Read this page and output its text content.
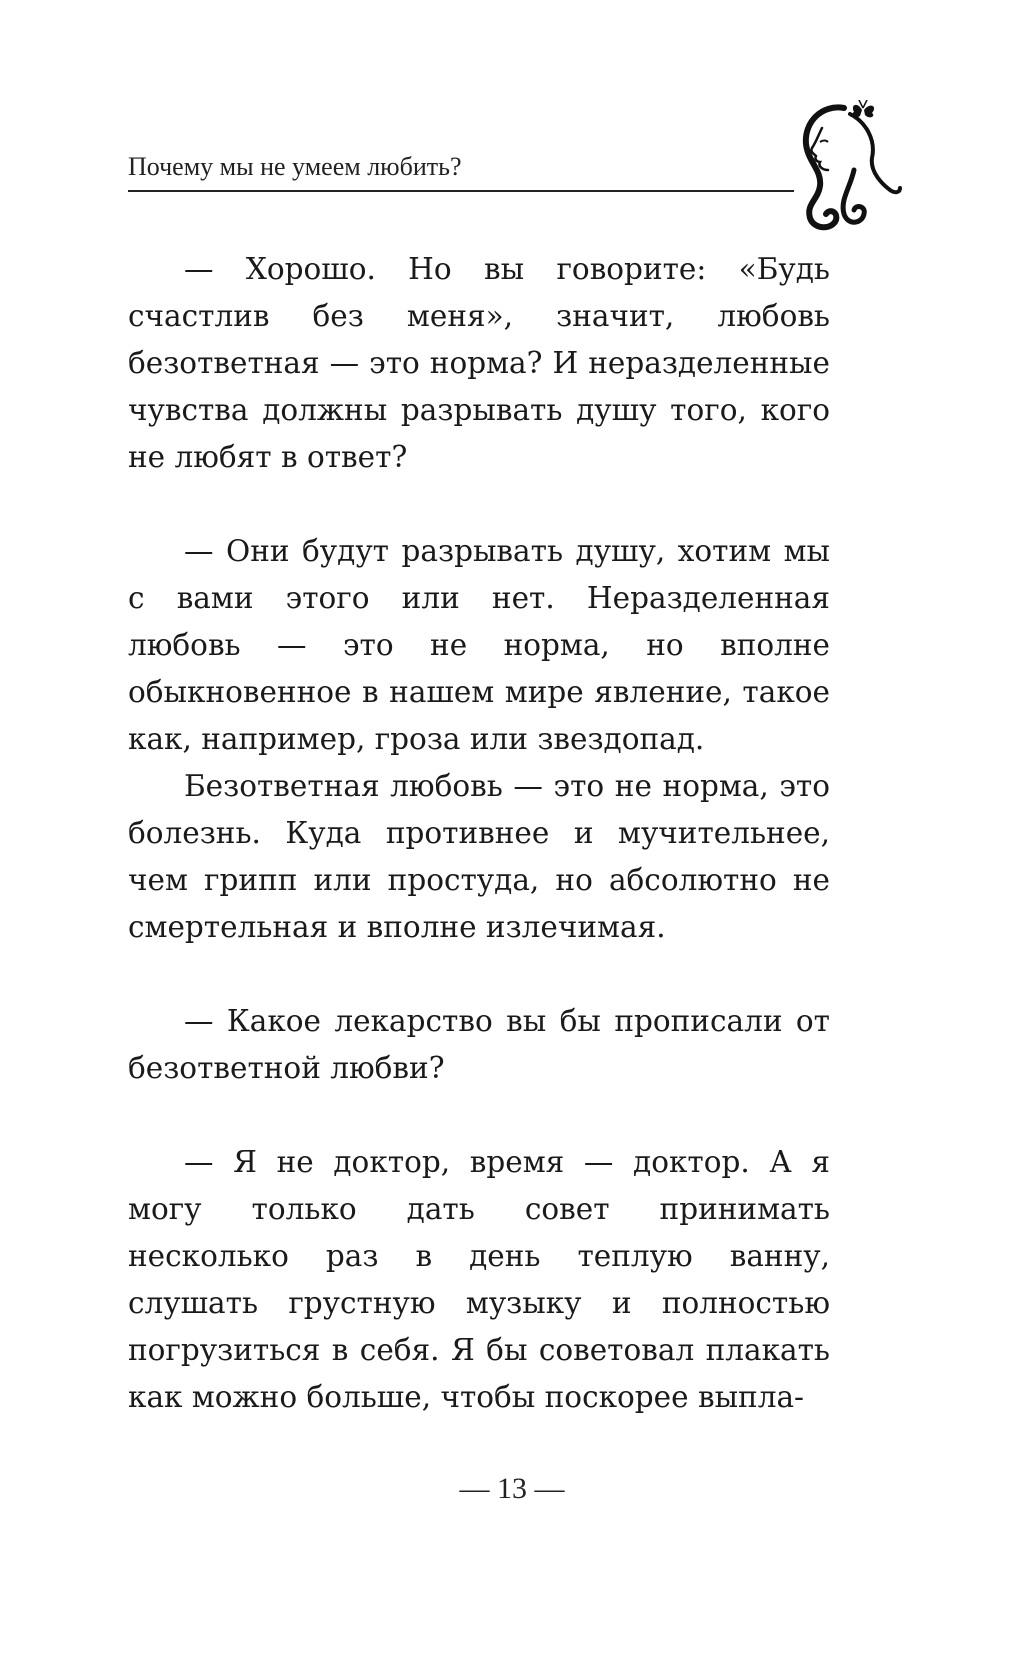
Почему мы не умеем любить?

— Хорошо. Но вы говорите: «Будь счастлив без меня», значит, любовь безответная — это норма? И неразделенные чувства должны разрывать душу того, кого не любят в ответ?

— Они будут разрывать душу, хотим мы с вами этого или нет. Неразделенная любовь — это не норма, но вполне обыкновенное в нашем мире явление, такое как, например, гроза или звездопад.

Безответная любовь — это не норма, это болезнь. Куда противнее и мучительнее, чем грипп или простуда, но абсолютно не смертельная и вполне излечимая.

— Какое лекарство вы бы прописали от безответной любви?

— Я не доктор, время — доктор. А я могу только дать совет принимать несколько раз в день теплую ванну, слушать грустную музыку и полностью погрузиться в себя. Я бы советовал плакать как можно больше, чтобы поскорее выпла-

— 13 —
